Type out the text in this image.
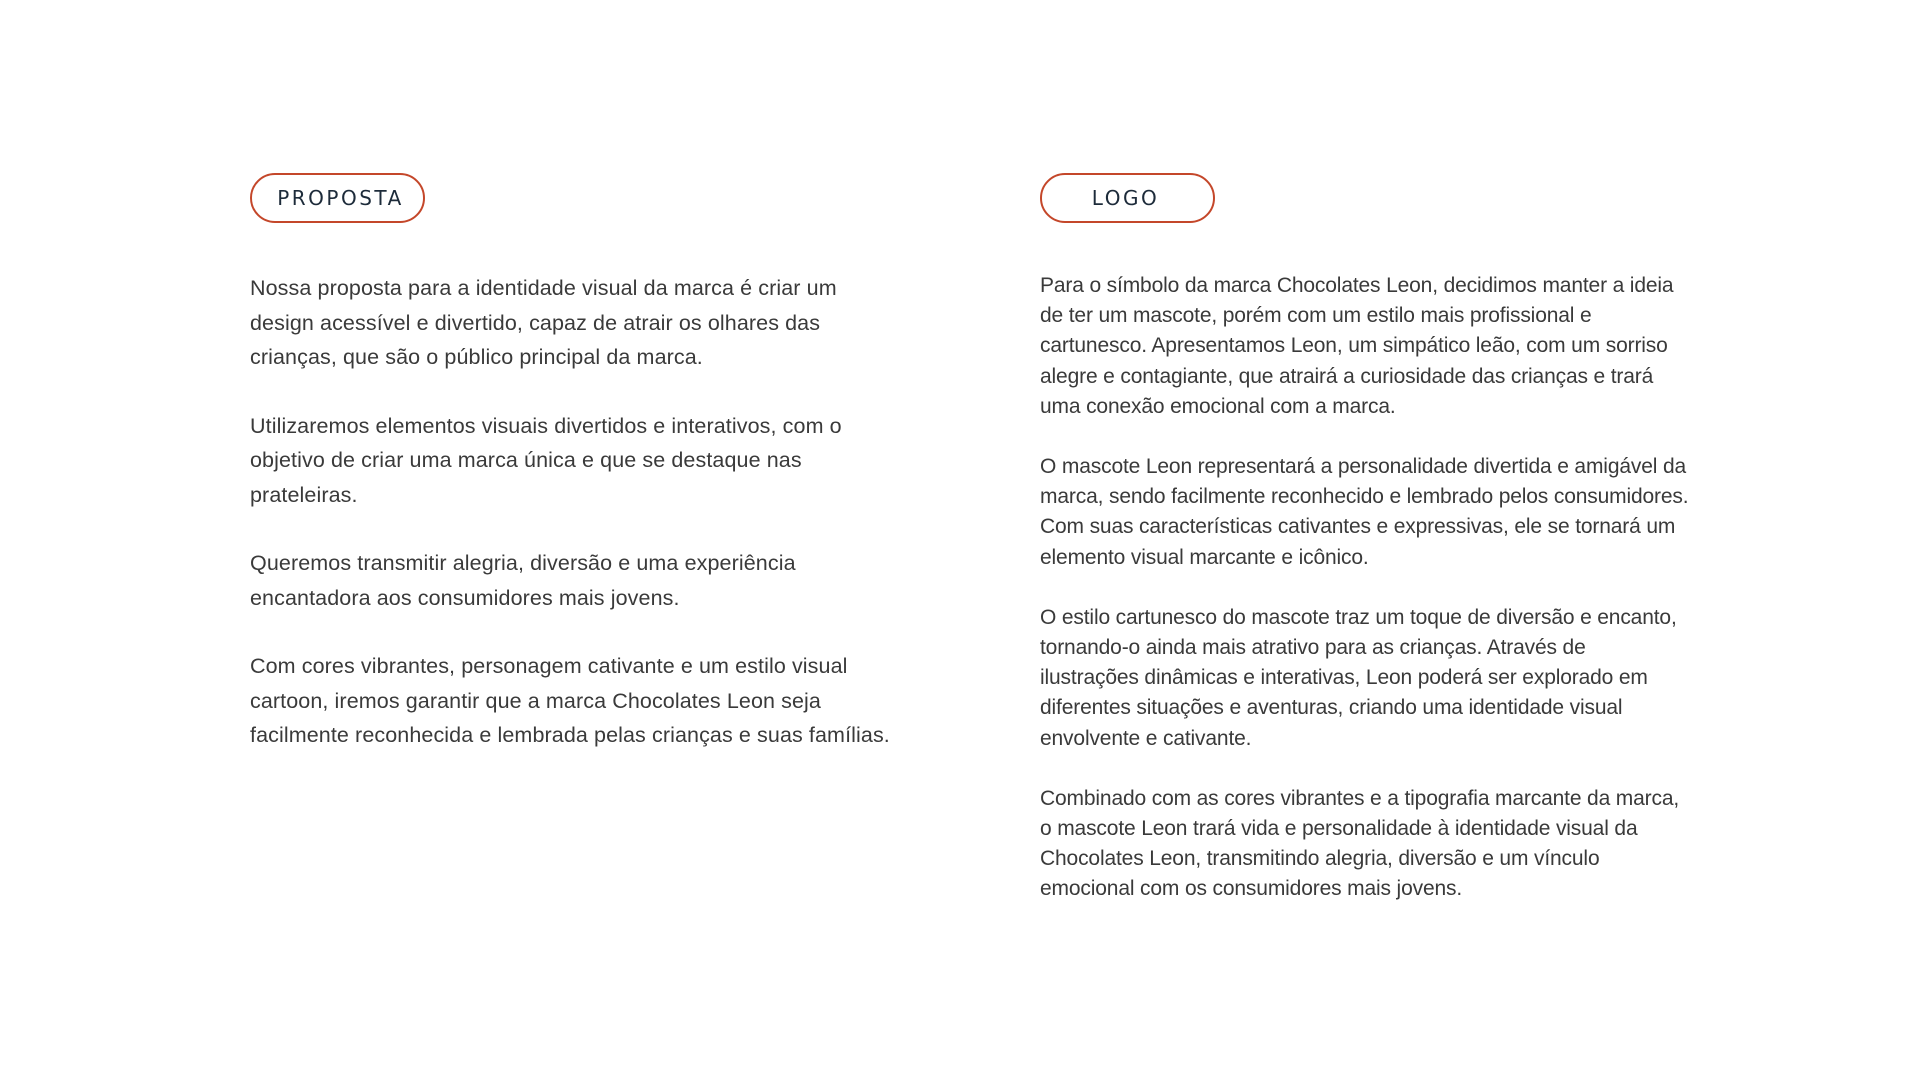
PROPOSTA

Nossa proposta para a identidade visual da marca é criar um design acessível e divertido, capaz de atrair os olhares das crianças, que são o público principal da marca.

Utilizaremos elementos visuais divertidos e interativos, com o objetivo de criar uma marca única e que se destaque nas prateleiras.

Queremos transmitir alegria, diversão e uma experiência encantadora aos consumidores mais jovens.

Com cores vibrantes, personagem cativante e um estilo visual cartoon, iremos garantir que a marca Chocolates Leon seja facilmente reconhecida e lembrada pelas crianças e suas famílias.

LOGO

Para o símbolo da marca Chocolates Leon, decidimos manter a ideia de ter um mascote, porém com um estilo mais profissional e cartunesco. Apresentamos Leon, um simpático leão, com um sorriso alegre e contagiante, que atrairá a curiosidade das crianças e trará uma conexão emocional com a marca.

O mascote Leon representará a personalidade divertida e amigável da marca, sendo facilmente reconhecido e lembrado pelos consumidores. Com suas características cativantes e expressivas, ele se tornará um elemento visual marcante e icônico.

O estilo cartunesco do mascote traz um toque de diversão e encanto, tornando-o ainda mais atrativo para as crianças. Através de ilustrações dinâmicas e interativas, Leon poderá ser explorado em diferentes situações e aventuras, criando uma identidade visual envolvente e cativante.

Combinado com as cores vibrantes e a tipografia marcante da marca, o mascote Leon trará vida e personalidade à identidade visual da Chocolates Leon, transmitindo alegria, diversão e um vínculo emocional com os consumidores mais jovens.
